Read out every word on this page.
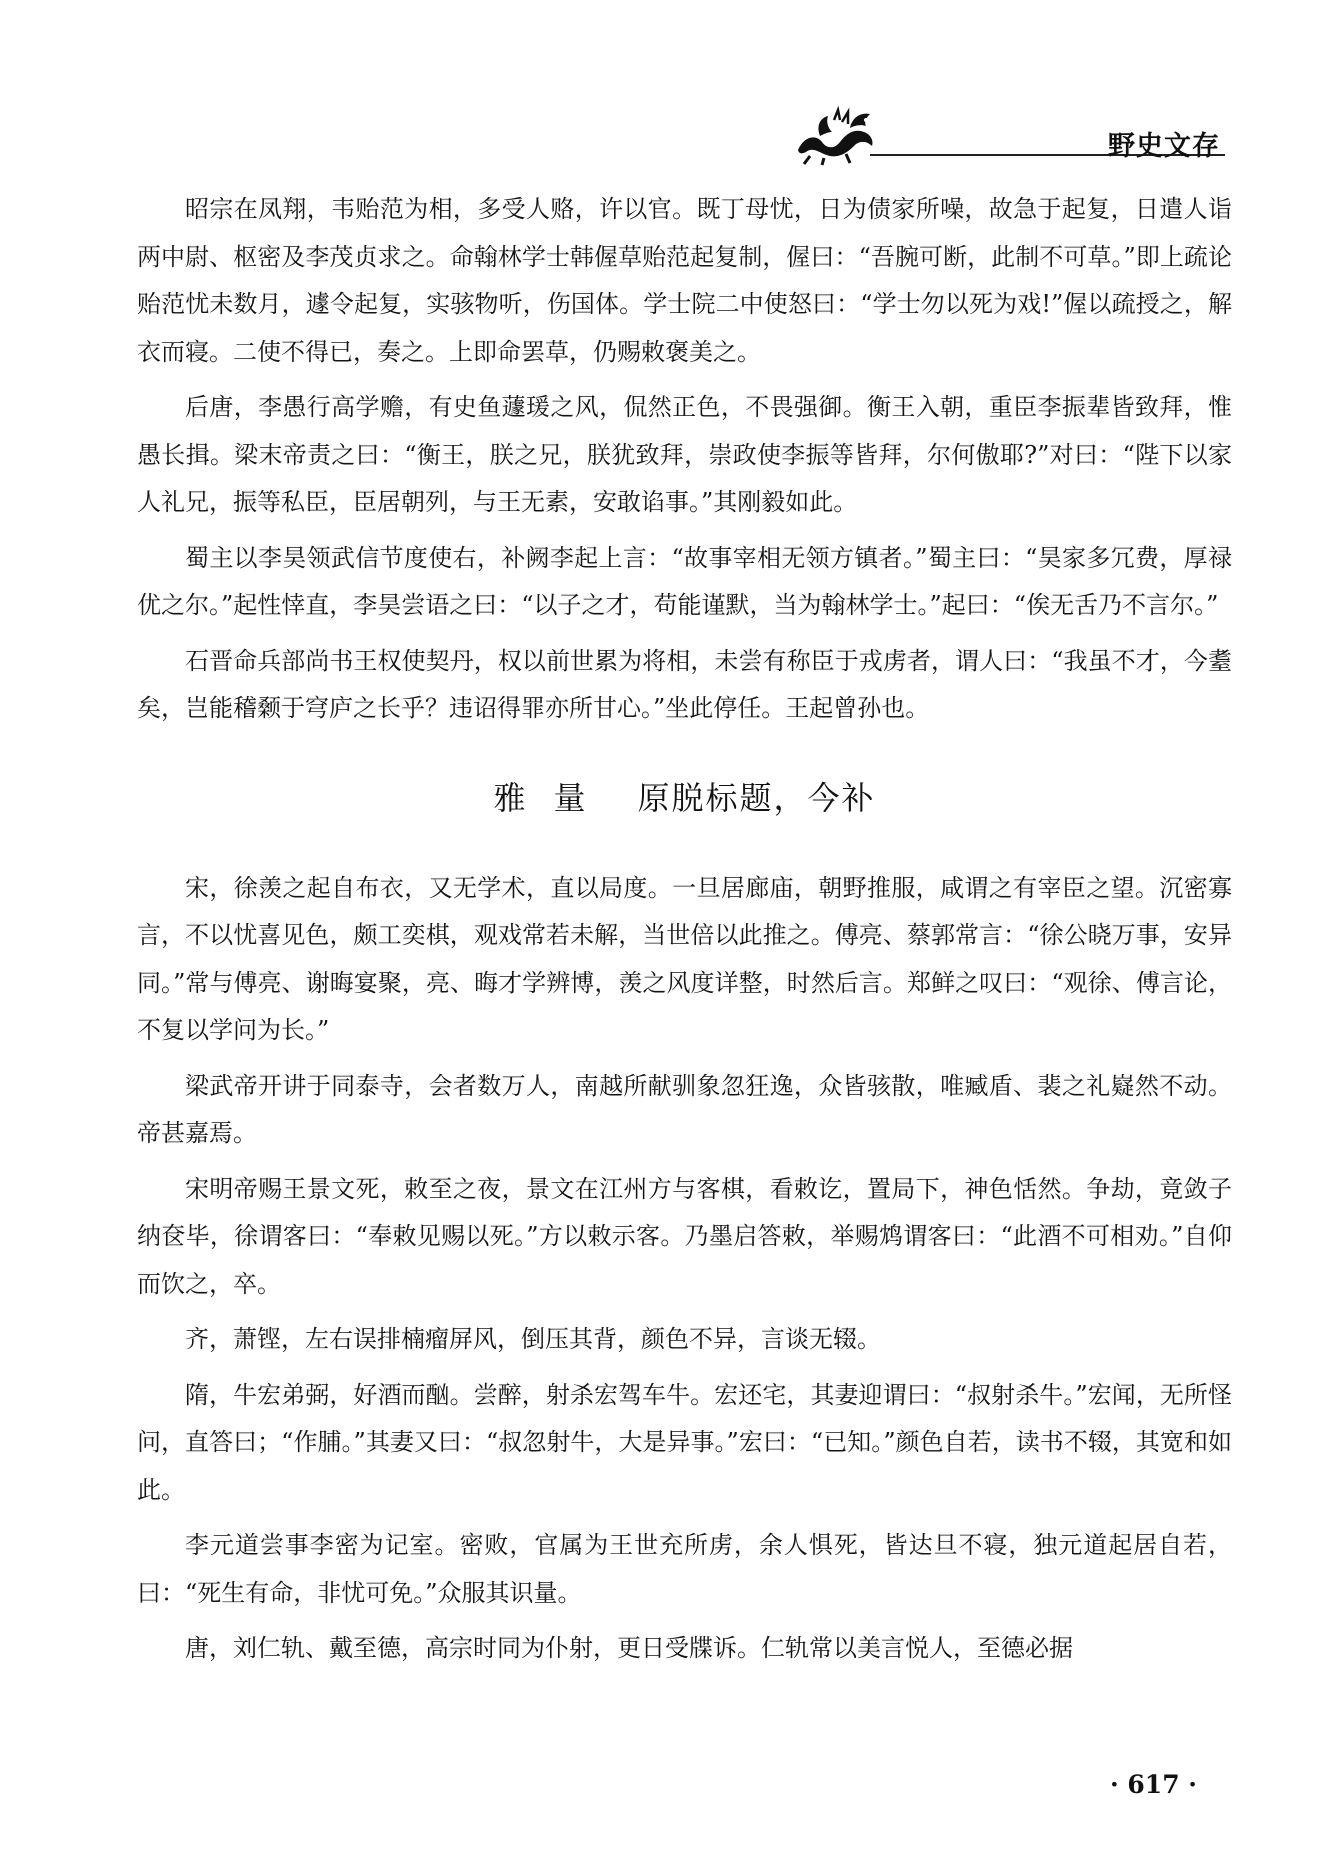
野史文存

昭宗在凤翔，韦贻范为相，多受人赂，许以官。既丁母忧，日为债家所噪，故急于起复，日遣人诣两中尉、枢密及李茂贞求之。命翰林学士韩偓草贻范起复制，偓曰：“吾腕可断，此制不可草。”即上疏论贻范忧未数月，遽令起复，实骇物听，伤国体。学士院二中使怒曰：“学士勿以死为戏!”偓以疏授之，解衣而寝。二使不得已，奏之。上即命罢草，仍赐敕褒美之。

后唐，李愚行高学赡，有史鱼蘧瑗之风，侃然正色，不畏强御。衡王入朝，重臣李振辈皆致拜，惟愚长揖。梁末帝责之曰：“衡王，朕之兄，朕犹致拜，崇政使李振等皆拜，尔何傲耶?”对曰：“陛下以家人礼兄，振等私臣，臣居朝列，与王无素，安敢谄事。”其刚毅如此。

蜀主以李昊领武信节度使右，补阙李起上言：“故事宰相无领方镇者。”蜀主曰：“昊家多冗费，厚禄优之尔。”起性悻直，李昊尝语之曰：“以子之才，苟能谨默，当为翰林学士。”起曰：“俟无舌乃不言尔。”

石晋命兵部尚书王权使契丹，权以前世累为将相，未尝有称臣于戎虏者，谓人曰：“我虽不才，今耋矣，岂能稽颡于穹庐之长乎？违诏得罪亦所甘心。”坐此停任。王起曾孙也。

雅量 原脱标题，今补

宋，徐羡之起自布衣，又无学术，直以局度。一旦居廊庙，朝野推服，咸谓之有宰臣之望。沉密寡言，不以忧喜见色，颇工奕棋，观戏常若未解，当世倍以此推之。傅亮、蔡郭常言：“徐公晓万事，安异同。”常与傅亮、谢晦宴聚，亮、晦才学辨博，羡之风度详整，时然后言。郑鲜之叹曰：“观徐、傅言论，不复以学问为长。”

梁武帝开讲于同泰寺，会者数万人，南越所献驯象忽狂逸，众皆骇散，唯臧盾、裴之礼嶷然不动。帝甚嘉焉。

宋明帝赐王景文死，敕至之夜，景文在江州方与客棋，看敕讫，置局下，神色恬然。争劫，竟敛子纳奁毕，徐谓客曰：“奉敕见赐以死。”方以敕示客。乃墨启答敕，举赐鸩谓客曰：“此酒不可相劝。”自仰而饮之，卒。

齐，萧铿，左右误排楠瘤屏风，倒压其背，颜色不异，言谈无辍。

隋，牛宏弟弼，好酒而酗。尝醉，射杀宏驾车牛。宏还宅，其妻迎谓曰：“叔射杀牛。”宏闻，无所怪问，直答曰；“作脯。”其妻又曰：“叔忽射牛，大是异事。”宏曰：“已知。”颜色自若，读书不辍，其宽和如此。

李元道尝事李密为记室。密败，官属为王世充所虏，余人惧死，皆达旦不寝，独元道起居自若，曰：“死生有命，非忧可免。”众服其识量。

唐，刘仁轨、戴至德，高宗时同为仆射，更日受牒诉。仁轨常以美言悦人，至德必据

· 617 ·
